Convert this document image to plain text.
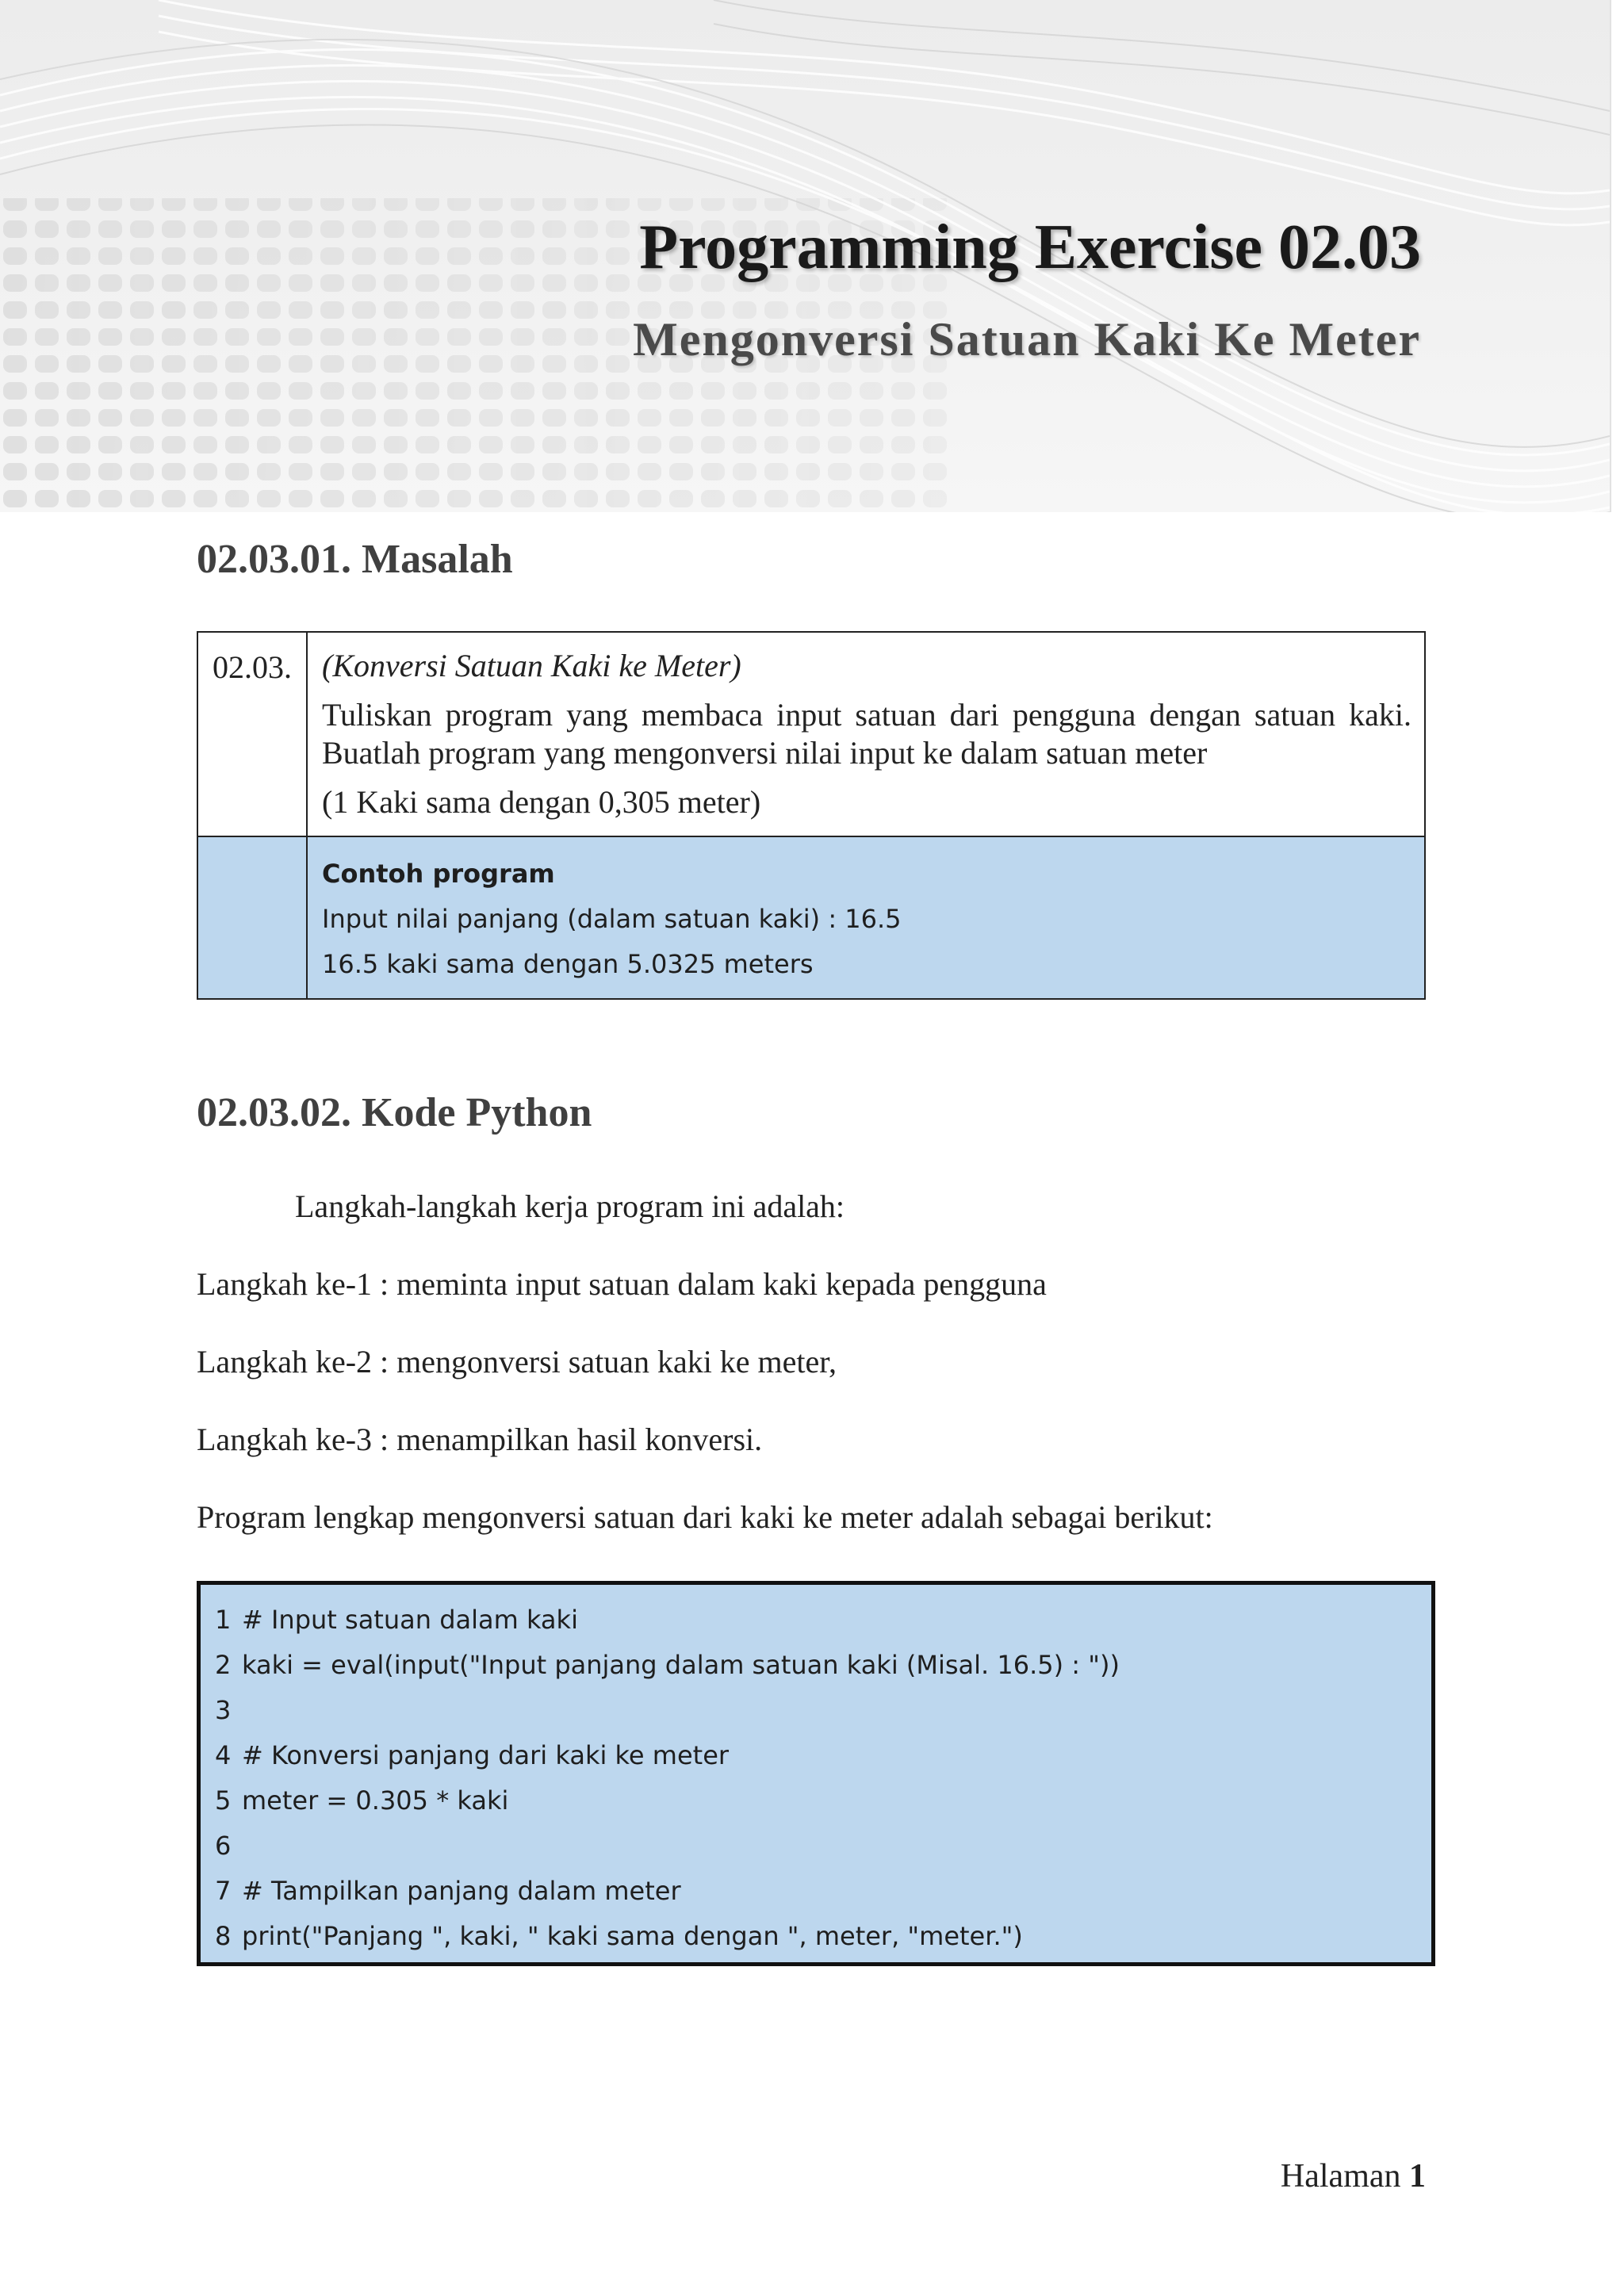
Programming Exercise 02.03
Mengonversi Satuan Kaki Ke Meter
02.03.01. Masalah
02.03. (Konversi Satuan Kaki ke Meter)

Tuliskan program yang membaca input satuan dari pengguna dengan satuan kaki. Buatlah program yang mengonversi nilai input ke dalam satuan meter

(1 Kaki sama dengan 0,305 meter)

Contoh program
Input nilai panjang (dalam satuan kaki) : 16.5
16.5 kaki sama dengan 5.0325 meters
02.03.02. Kode Python

Langkah-langkah kerja program ini adalah:

Langkah ke-1 : meminta input satuan dalam kaki kepada pengguna

Langkah ke-2 : mengonversi satuan kaki ke meter,

Langkah ke-3 : menampilkan hasil konversi.

Program lengkap mengonversi satuan dari kaki ke meter adalah sebagai berikut:

1 # Input satuan dalam kaki
2 kaki = eval(input("Input panjang dalam satuan kaki (Misal. 16.5) : "))
3
4 # Konversi panjang dari kaki ke meter
5 meter = 0.305 * kaki
6
7 # Tampilkan panjang dalam meter
8 print("Panjang ", kaki, " kaki sama dengan ", meter, "meter.")

Halaman 1
